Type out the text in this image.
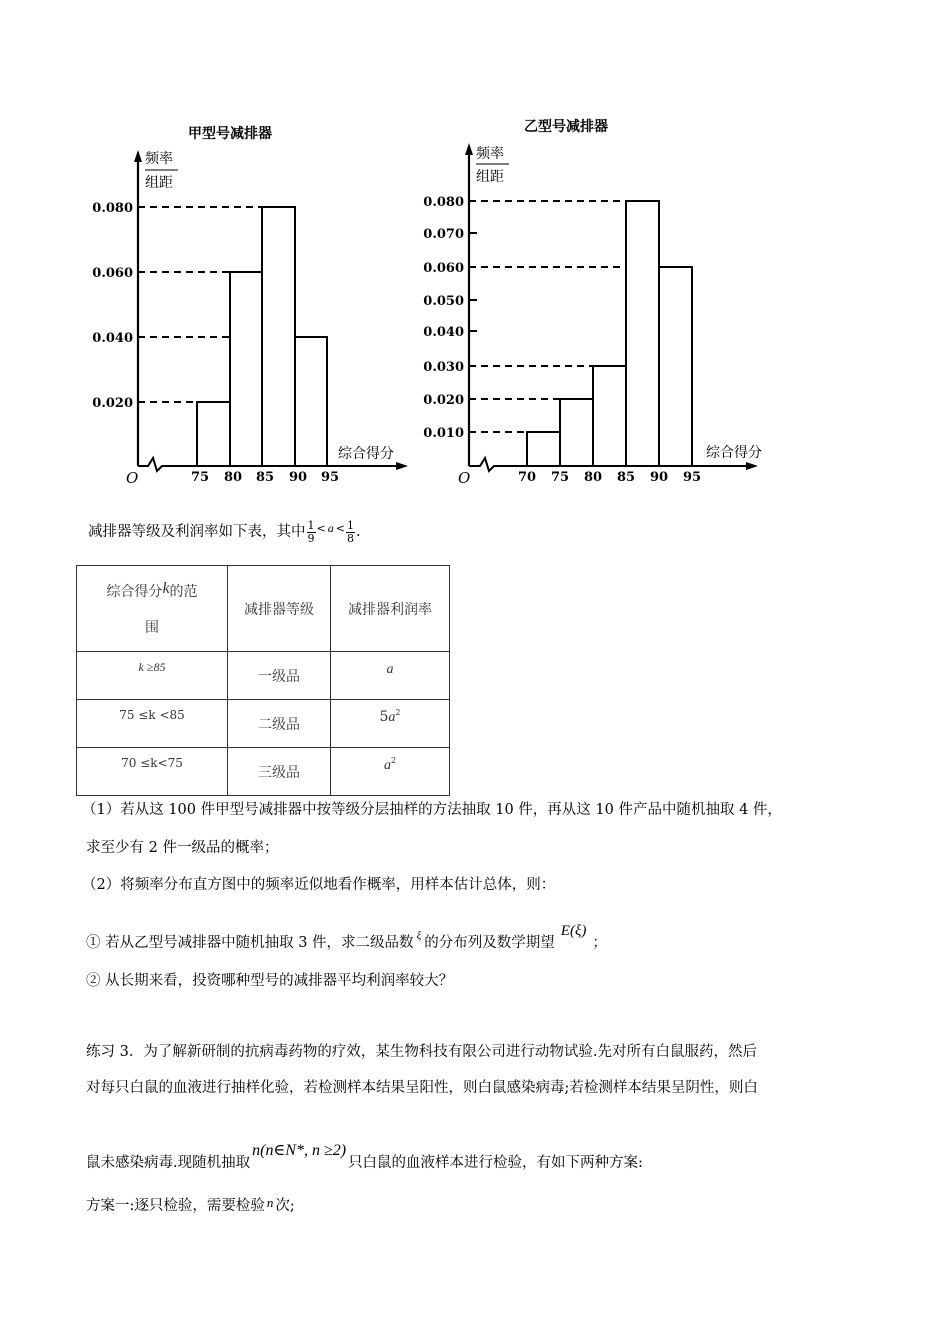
甲型号减排器
频率
组距
综合得分
O
0.020
0.040
0.060
0.080
75 80 85 90 95
乙型号减排器
频率
组距
综合得分
O
0.010
0.020
0.030
0.040
0.050
0.060
0.070
0.080
70 75 80 85 90 95
减排器等级及利润率如下表，其中 $\frac{1}{9} ^<$ $^a$ $^< \frac{1}{8}$ .
综合得分k的范
围	减排器等级	减排器利润率
k ≥85	一级品	a
75 ≤k <85	二级品	$5a^2$
70 ≤k<75	三级品	$a^2$
（1）若从这 100 件甲型号减排器中按等级分层抽样的方法抽取 10 件，再从这 10 件产品中随机抽取 4 件，
求至少有 2 件一级品的概率；
（2）将频率分布直方图中的频率近似地看作概率，用样本估计总体，则：
① 若从乙型号减排器中随机抽取 3 件，求二级品数 $^\xi$ 的分布列及数学期望E(ξ)；
② 从长期来看，投资哪种型号的减排器平均利润率较大？
练习 3．为了解新研制的抗病毒药物的疗效，某生物科技有限公司进行动物试验.先对所有白鼠服药，然后
对每只白鼠的血液进行抽样化验，若检测样本结果呈阳性，则白鼠感染病毒;若检测样本结果呈阴性，则白
鼠未感染病毒.现随机抽取n(n∈N*, n ≥2)只白鼠的血液样本进行检验，有如下两种方案:
方案一:逐只检验，需要检验 n 次;
